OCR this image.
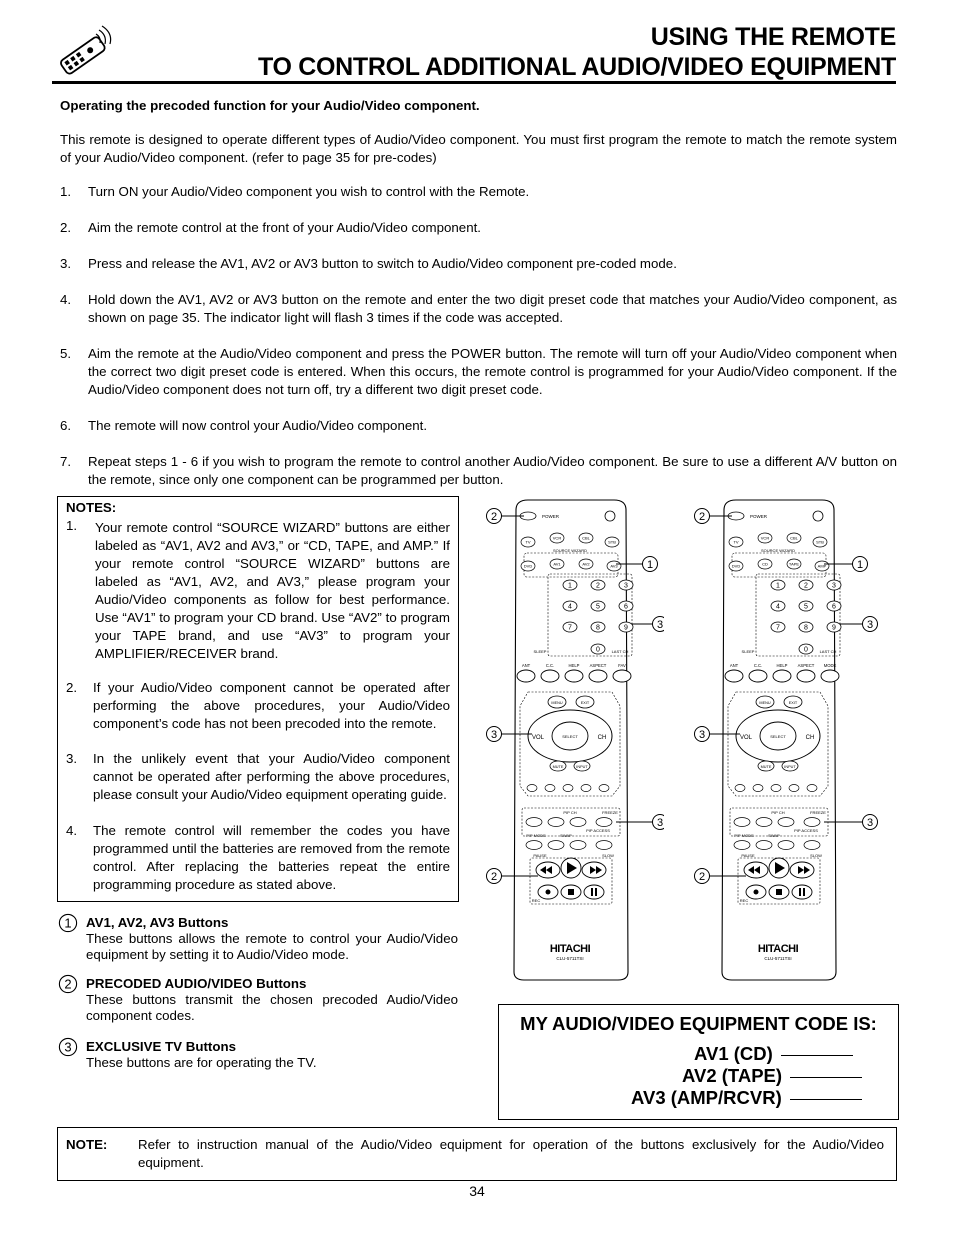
USING THE REMOTE
TO CONTROL ADDITIONAL AUDIO/VIDEO EQUIPMENT

Operating the precoded function for your Audio/Video component.

This remote is designed to operate different types of Audio/Video component. You must first program the remote to match the remote system of your Audio/Video component. (refer to page 35 for pre-codes)

1. Turn ON your Audio/Video component you wish to control with the Remote.
2. Aim the remote control at the front of your Audio/Video component.
3. Press and release the AV1, AV2 or AV3 button to switch to Audio/Video component pre-coded mode.
4. Hold down the AV1, AV2 or AV3 button on the remote and enter the two digit preset code that matches your Audio/Video component, as shown on page 35. The indicator light will flash 3 times if the code was accepted.
5. Aim the remote at the Audio/Video component and press the POWER button. The remote will turn off your Audio/Video component when the correct two digit preset code is entered. When this occurs, the remote control is programmed for your Audio/Video component. If the Audio/Video component does not turn off, try a different two digit preset code.
6. The remote will now control your Audio/Video component.
7. Repeat steps 1 - 6 if you wish to program the remote to control another Audio/Video component. Be sure to use a different A/V button on the remote, since only one component can be programmed per button.
NOTES:
1. Your remote control “SOURCE WIZARD” buttons are either labeled as “AV1, AV2 and AV3,” or “CD, TAPE, and AMP.” If your remote control “SOURCE WIZARD” buttons are labeled as “AV1, AV2, and AV3,” please program your Audio/Video components as follow for best performance. Use “AV1” to program your CD brand. Use “AV2” to program your TAPE brand, and use “AV3” to program your AMPLIFIER/RECEIVER brand.
2.	If your Audio/Video component cannot be operated after performing the above procedures, your Audio/Video component’s code has not been precoded into the remote.
3.	In the unlikely event that your Audio/Video component cannot be operated after performing the above procedures, please consult your Audio/Video equipment operating guide.
4.	The remote control will remember the codes you have programmed until the batteries are removed from the remote control. After replacing the batteries repeat the entire programming procedure as stated above.
1 AV1, AV2, AV3 Buttons
These buttons allows the remote to control your Audio/Video equipment by setting it to Audio/Video mode.
2 PRECODED AUDIO/VIDEO Buttons
These buttons transmit the chosen precoded Audio/Video component codes.
3 EXCLUSIVE TV Buttons
These buttons are for operating the TV.
POWER
TV
VCR	CBL
STB
SOURCE WIZARD
DVD	AV1	AV2	AV3
1	2	3
4	5	6
7	8	9
0
SLEEP	LAST CH
ANT	C.C.	HELP ASPECT	FAV
MENU	EXIT
SELECT
VOL	CH
MUTE	INPUT
PIP CH	FREEZE
PIP ACCESS
PIP MODE	SWAP
PAUSE	SLOW
REC
HITACHI
CLU-5711TSI
2
1
3
3
3
2
POWER
TV
VCR	CBL
STB
SOURCE WIZARD
DVD	CD	TAPE	AMP
1	2	3
4	5	6
7	8	9
0
SLEEP	LAST CH
ANT	C.C.	HELP ASPECT MODE
MENU	EXIT
SELECT
VOL	CH
MUTE	INPUT
PIP CH	FREEZE
PIP ACCESS
PIP MODE	SWAP
PAUSE	SLOW
REC
HITACHI
CLU-5711TSI
2
1
3
3
3
2
MY AUDIO/VIDEO EQUIPMENT CODE IS:
AV1 (CD)
AV2 (TAPE)
AV3 (AMP/RCVR)
NOTE: Refer to instruction manual of the Audio/Video equipment for operation of the buttons exclusively for the Audio/Video equipment.
34
